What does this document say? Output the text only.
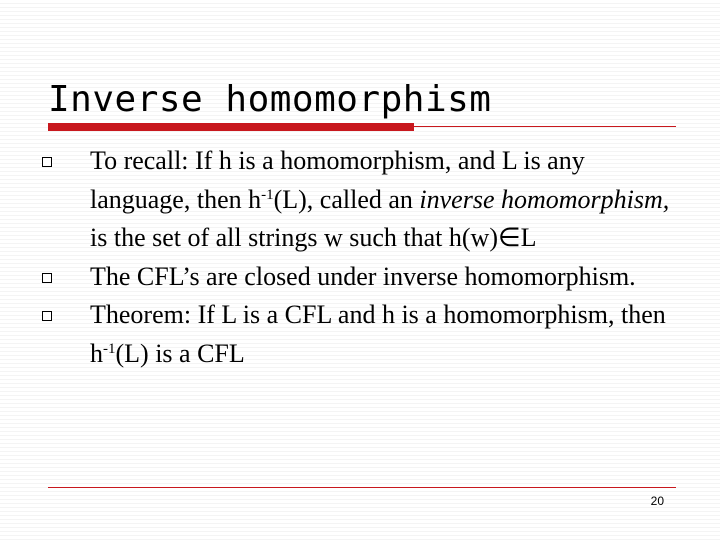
Inverse homomorphism
To recall: If h is a homomorphism, and L is any language, then $h^{-1}(L)$, called an inverse homomorphism, is the set of all strings w such that h(w)∈L
The CFL’s are closed under inverse homomorphism.
Theorem: If L is a CFL and h is a homomorphism, then $h^{-1}(L)$ is a CFL
20
